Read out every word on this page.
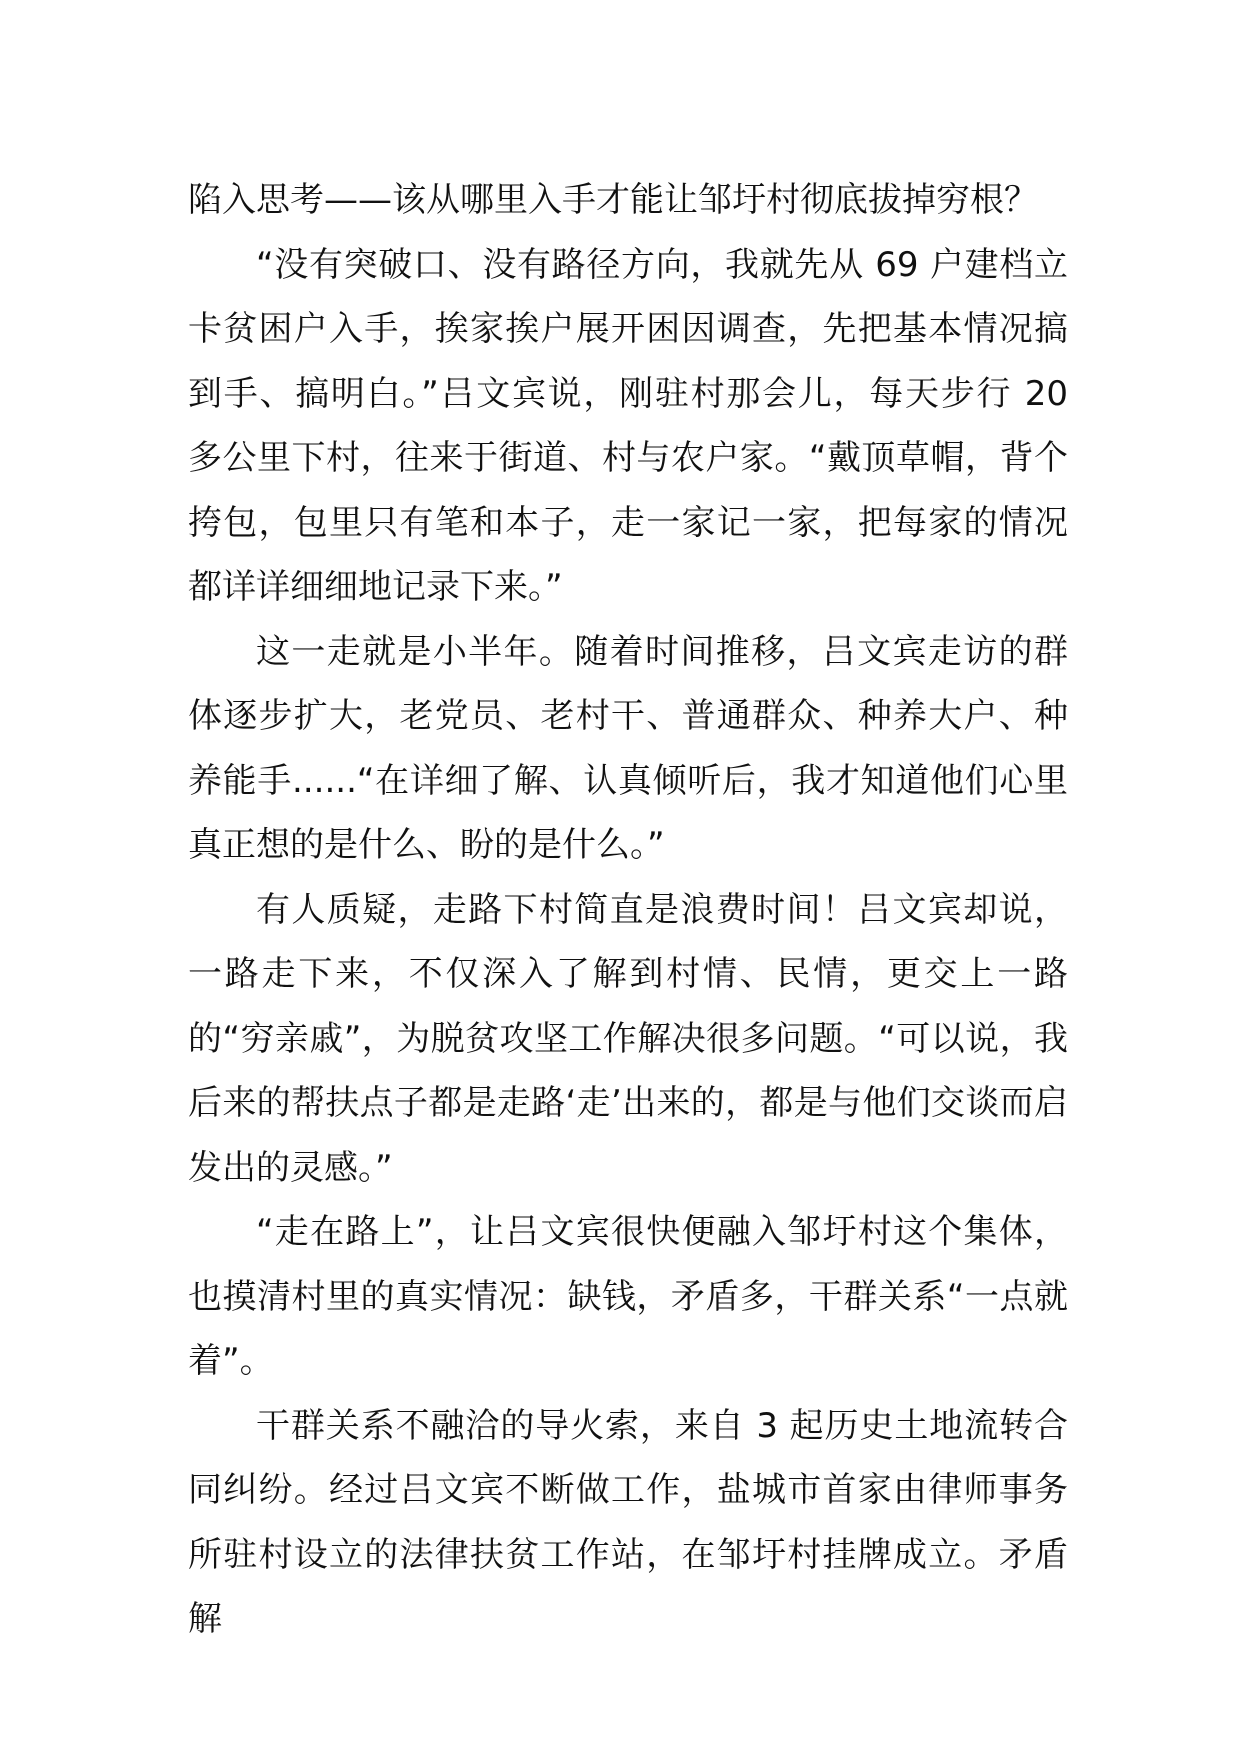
陷入思考——该从哪里入手才能让邹圩村彻底拔掉穷根？

“没有突破口、没有路径方向，我就先从 69 户建档立卡贫困户入手，挨家挨户展开困因调查，先把基本情况搞到手、搞明白。”吕文宾说，刚驻村那会儿，每天步行 20 多公里下村，往来于街道、村与农户家。“戴顶草帽，背个挎包，包里只有笔和本子，走一家记一家，把每家的情况都详详细细地记录下来。”

这一走就是小半年。随着时间推移，吕文宾走访的群体逐步扩大，老党员、老村干、普通群众、种养大户、种养能手......“在详细了解、认真倾听后，我才知道他们心里真正想的是什么、盼的是什么。”

有人质疑，走路下村简直是浪费时间！吕文宾却说，一路走下来，不仅深入了解到村情、民情，更交上一路的“穷亲戚”，为脱贫攻坚工作解决很多问题。“可以说，我后来的帮扶点子都是走路‘走’出来的，都是与他们交谈而启发出的灵感。”

“走在路上”，让吕文宾很快便融入邹圩村这个集体，也摸清村里的真实情况：缺钱，矛盾多，干群关系“一点就着”。

干群关系不融洽的导火索，来自 3 起历史土地流转合同纠纷。经过吕文宾不断做工作，盐城市首家由律师事务所驻村设立的法律扶贫工作站，在邹圩村挂牌成立。矛盾解
